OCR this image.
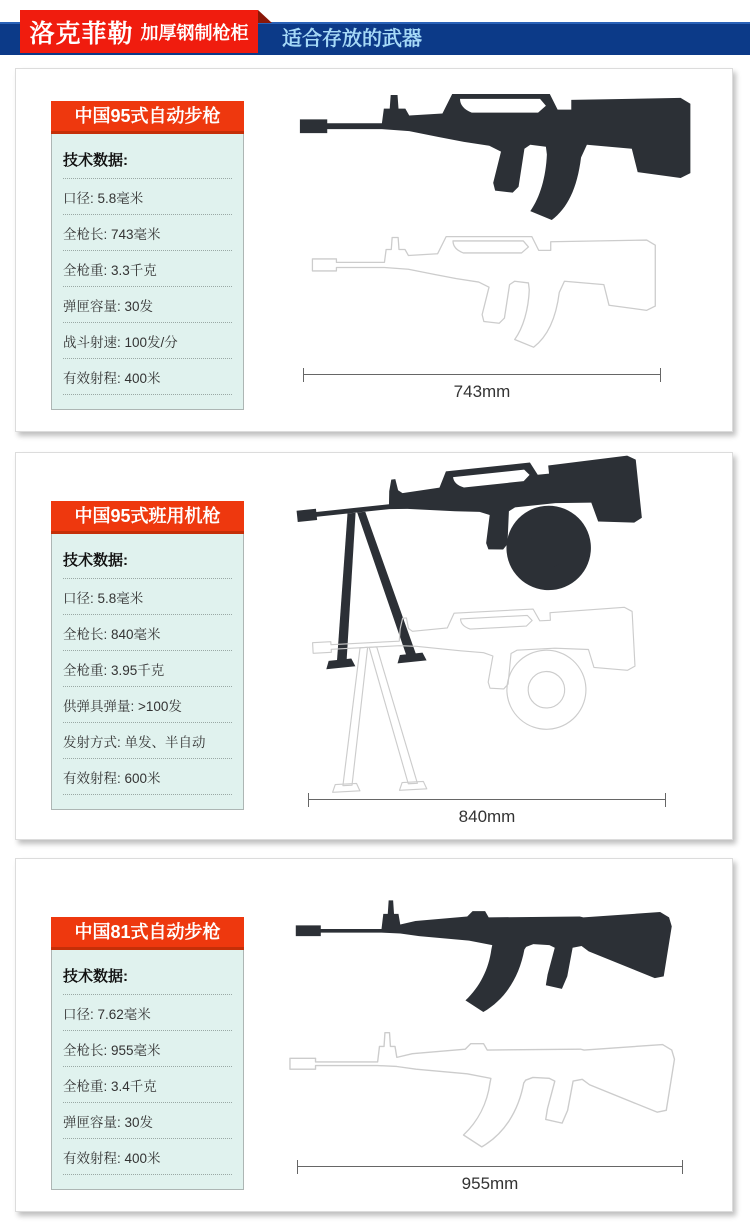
适合存放的武器
洛克菲勒 加厚钢制枪柜
中国95式自动步枪
技术数据:
口径: 5.8毫米
全枪长: 743毫米
全枪重: 3.3千克
弹匣容量: 30发
战斗射速: 100发/分
有效射程: 400米
743mm
中国95式班用机枪
技术数据:
口径: 5.8毫米
全枪长: 840毫米
全枪重: 3.95千克
供弹具弹量: >100发
发射方式: 单发、半自动
有效射程: 600米
840mm
中国81式自动步枪
技术数据:
口径: 7.62毫米
全枪长: 955毫米
全枪重: 3.4千克
弹匣容量: 30发
有效射程: 400米
955mm
